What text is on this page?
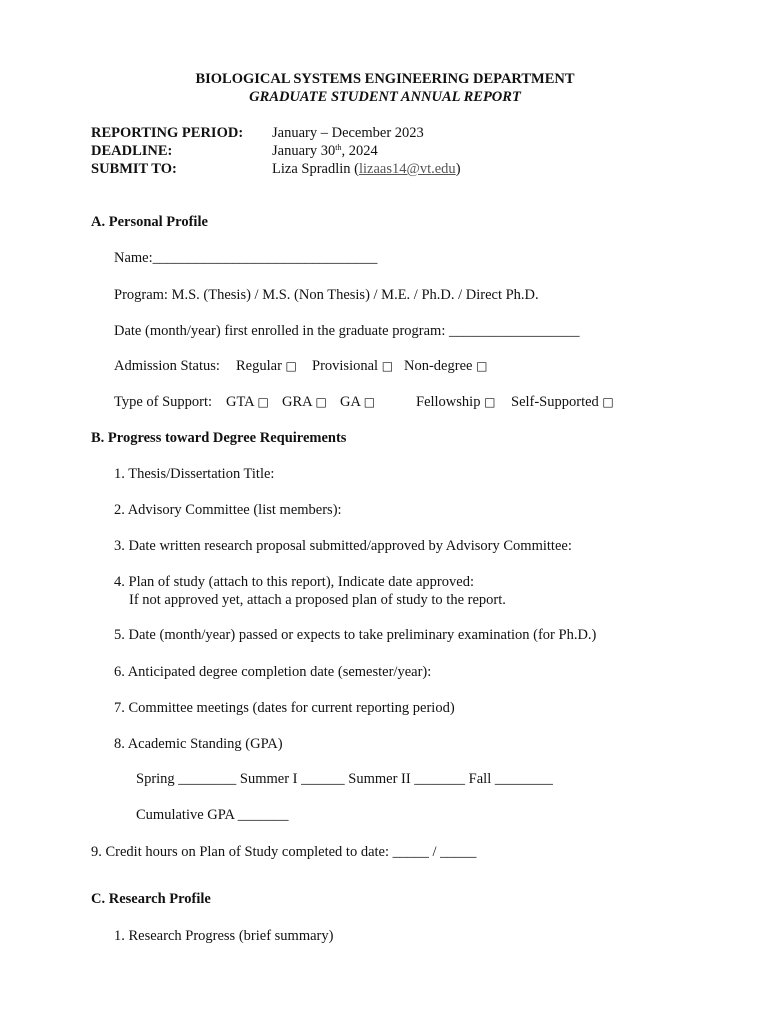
BIOLOGICAL SYSTEMS ENGINEERING DEPARTMENT
GRADUATE STUDENT ANNUAL REPORT
REPORTING PERIOD: January – December 2023
DEADLINE:	January 30th, 2024
SUBMIT TO:	Liza Spradlin (lizaas14@vt.edu)
A. Personal Profile
Name:_______________________________
Program: M.S. (Thesis) / M.S. (Non Thesis) / M.E. / Ph.D. / Direct Ph.D.
Date (month/year) first enrolled in the graduate program: __________________
Admission Status: Regular □ Provisional □ Non-degree □
Type of Support: GTA □ GRA □ GA □	Fellowship □ Self-Supported □
B. Progress toward Degree Requirements
1. Thesis/Dissertation Title:
2. Advisory Committee (list members):
3. Date written research proposal submitted/approved by Advisory Committee:
4. Plan of study (attach to this report), Indicate date approved:
If not approved yet, attach a proposed plan of study to the report.
5. Date (month/year) passed or expects to take preliminary examination (for Ph.D.)
6. Anticipated degree completion date (semester/year):
7. Committee meetings (dates for current reporting period)
8. Academic Standing (GPA)
Spring ________ Summer I ______ Summer II _______ Fall ________
Cumulative GPA _______
9. Credit hours on Plan of Study completed to date: _____ / _____
C. Research Profile
1. Research Progress (brief summary)
